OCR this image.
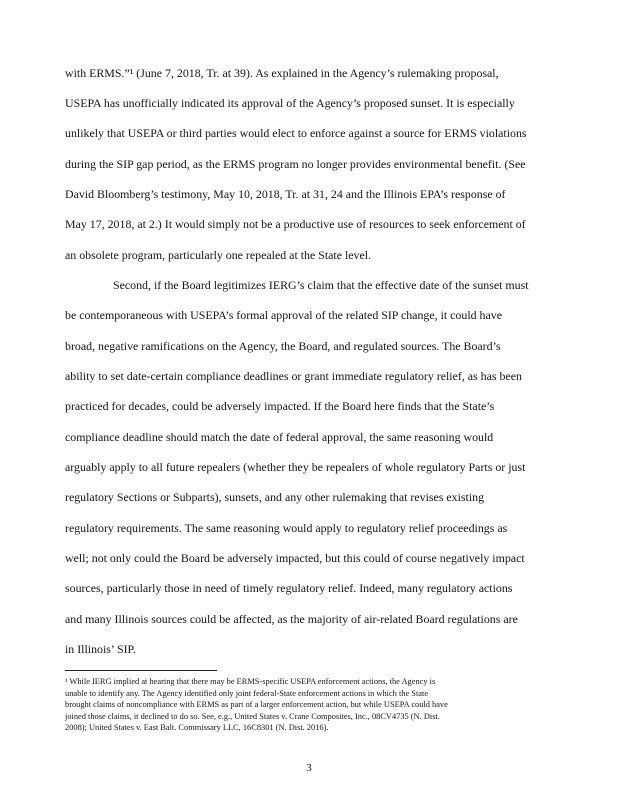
with ERMS.”¹ (June 7, 2018, Tr. at 39). As explained in the Agency’s rulemaking proposal,
USEPA has unofficially indicated its approval of the Agency’s proposed sunset. It is especially
unlikely that USEPA or third parties would elect to enforce against a source for ERMS violations
during the SIP gap period, as the ERMS program no longer provides environmental benefit. (See
David Bloomberg’s testimony, May 10, 2018, Tr. at 31, 24 and the Illinois EPA’s response of
May 17, 2018, at 2.) It would simply not be a productive use of resources to seek enforcement of
an obsolete program, particularly one repealed at the State level.
Second, if the Board legitimizes IERG’s claim that the effective date of the sunset must
be contemporaneous with USEPA’s formal approval of the related SIP change, it could have
broad, negative ramifications on the Agency, the Board, and regulated sources. The Board’s
ability to set date-certain compliance deadlines or grant immediate regulatory relief, as has been
practiced for decades, could be adversely impacted. If the Board here finds that the State’s
compliance deadline should match the date of federal approval, the same reasoning would
arguably apply to all future repealers (whether they be repealers of whole regulatory Parts or just
regulatory Sections or Subparts), sunsets, and any other rulemaking that revises existing
regulatory requirements. The same reasoning would apply to regulatory relief proceedings as
well; not only could the Board be adversely impacted, but this could of course negatively impact
sources, particularly those in need of timely regulatory relief. Indeed, many regulatory actions
and many Illinois sources could be affected, as the majority of air-related Board regulations are
in Illinois’ SIP.
¹ While IERG implied at hearing that there may be ERMS-specific USEPA enforcement actions, the Agency is
unable to identify any. The Agency identified only joint federal-State enforcement actions in which the State
brought claims of noncompliance with ERMS as part of a larger enforcement action, but while USEPA could have
joined those claims, it declined to do so. See, e.g., United States v. Crane Composites, Inc., 08CV4735 (N. Dist.
2008); United States v. East Balt. Commissary LLC, 16C8301 (N. Dist. 2016).
3
